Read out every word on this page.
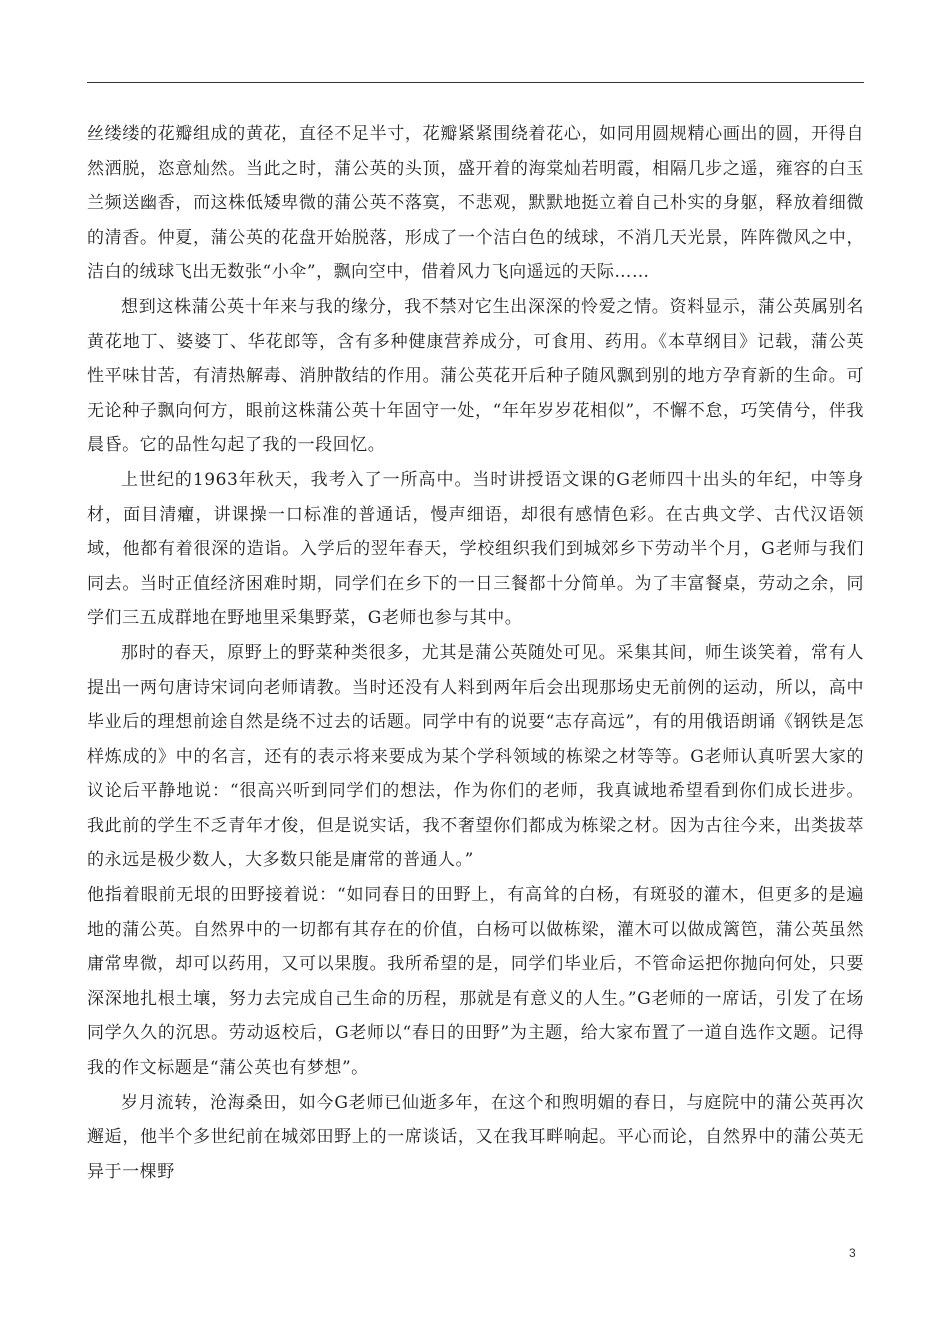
丝缕缕的花瓣组成的黄花，直径不足半寸，花瓣紧紧围绕着花心，如同用圆规精心画出的圆，开得自然洒脱，恣意灿然。当此之时，蒲公英的头顶，盛开着的海棠灿若明霞，相隔几步之遥，雍容的白玉兰频送幽香，而这株低矮卑微的蒲公英不落寞，不悲观，默默地挺立着自己朴实的身躯，释放着细微的清香。仲夏，蒲公英的花盘开始脱落，形成了一个洁白色的绒球，不消几天光景，阵阵微风之中，洁白的绒球飞出无数张“小伞”，飘向空中，借着风力飞向遥远的天际……

想到这株蒲公英十年来与我的缘分，我不禁对它生出深深的怜爱之情。资料显示，蒲公英属别名黄花地丁、婆婆丁、华花郎等，含有多种健康营养成分，可食用、药用。《本草纲目》记载，蒲公英性平味甘苦，有清热解毒、消肿散结的作用。蒲公英花开后种子随风飘到别的地方孕育新的生命。可无论种子飘向何方，眼前这株蒲公英十年固守一处，“年年岁岁花相似”，不懈不怠，巧笑倩兮，伴我晨昏。它的品性勾起了我的一段回忆。

上世纪的1963年秋天，我考入了一所高中。当时讲授语文课的G老师四十出头的年纪，中等身材，面目清癯，讲课操一口标准的普通话，慢声细语，却很有感情色彩。在古典文学、古代汉语领域，他都有着很深的造诣。入学后的翌年春天，学校组织我们到城郊乡下劳动半个月，G老师与我们同去。当时正值经济困难时期，同学们在乡下的一日三餐都十分简单。为了丰富餐桌，劳动之余，同学们三五成群地在野地里采集野菜，G老师也参与其中。

那时的春天，原野上的野菜种类很多，尤其是蒲公英随处可见。采集其间，师生谈笑着，常有人提出一两句唐诗宋词向老师请教。当时还没有人料到两年后会出现那场史无前例的运动，所以，高中毕业后的理想前途自然是绕不过去的话题。同学中有的说要“志存高远”，有的用俄语朗诵《钢铁是怎样炼成的》中的名言，还有的表示将来要成为某个学科领域的栋梁之材等等。G老师认真听罢大家的议论后平静地说：“很高兴听到同学们的想法，作为你们的老师，我真诚地希望看到你们成长进步。我此前的学生不乏青年才俊，但是说实话，我不奢望你们都成为栋梁之材。因为古往今来，出类拔萃的永远是极少数人，大多数只能是庸常的普通人。”

他指着眼前无垠的田野接着说：“如同春日的田野上，有高耸的白杨，有斑驳的灌木，但更多的是遍地的蒲公英。自然界中的一切都有其存在的价值，白杨可以做栋梁，灌木可以做成篱笆，蒲公英虽然庸常卑微，却可以药用，又可以果腹。我所希望的是，同学们毕业后，不管命运把你抛向何处，只要深深地扎根土壤，努力去完成自己生命的历程，那就是有意义的人生。”G老师的一席话，引发了在场同学久久的沉思。劳动返校后，G老师以“春日的田野”为主题，给大家布置了一道自选作文题。记得我的作文标题是“蒲公英也有梦想”。

岁月流转，沧海桑田，如今G老师已仙逝多年，在这个和煦明媚的春日，与庭院中的蒲公英再次邂逅，他半个多世纪前在城郊田野上的一席谈话，又在我耳畔响起。平心而论，自然界中的蒲公英无异于一棵野

3
